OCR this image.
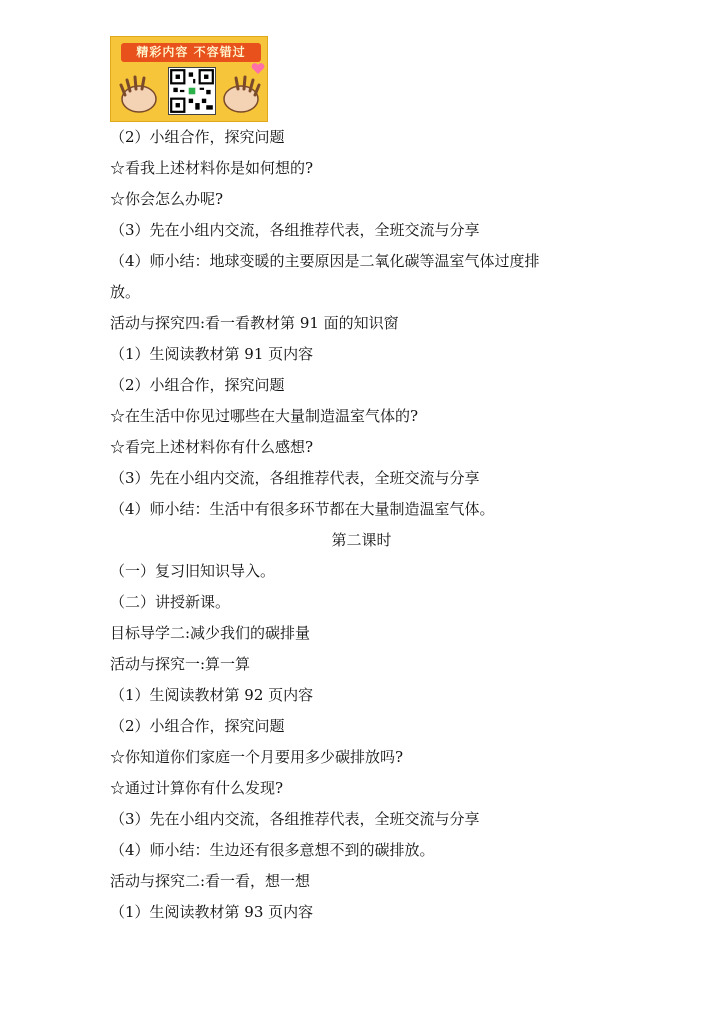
精彩内容 不容错过
（2）小组合作，探究问题
☆看我上述材料你是如何想的?
☆你会怎么办呢?
（3）先在小组内交流，各组推荐代表，全班交流与分享
（4）师小结：地球变暖的主要原因是二氧化碳等温室气体过度排
放。
活动与探究四:看一看教材第 91 面的知识窗
（1）生阅读教材第 91 页内容
（2）小组合作，探究问题
☆在生活中你见过哪些在大量制造温室气体的?
☆看完上述材料你有什么感想?
（3）先在小组内交流，各组推荐代表，全班交流与分享
（4）师小结：生活中有很多环节都在大量制造温室气体。
第二课时
（一）复习旧知识导入。
（二）讲授新课。
目标导学二:减少我们的碳排量
活动与探究一:算一算
（1）生阅读教材第 92 页内容
（2）小组合作，探究问题
☆你知道你们家庭一个月要用多少碳排放吗?
☆通过计算你有什么发现?
（3）先在小组内交流，各组推荐代表，全班交流与分享
（4）师小结：生边还有很多意想不到的碳排放。
活动与探究二:看一看，想一想
（1）生阅读教材第 93 页内容
